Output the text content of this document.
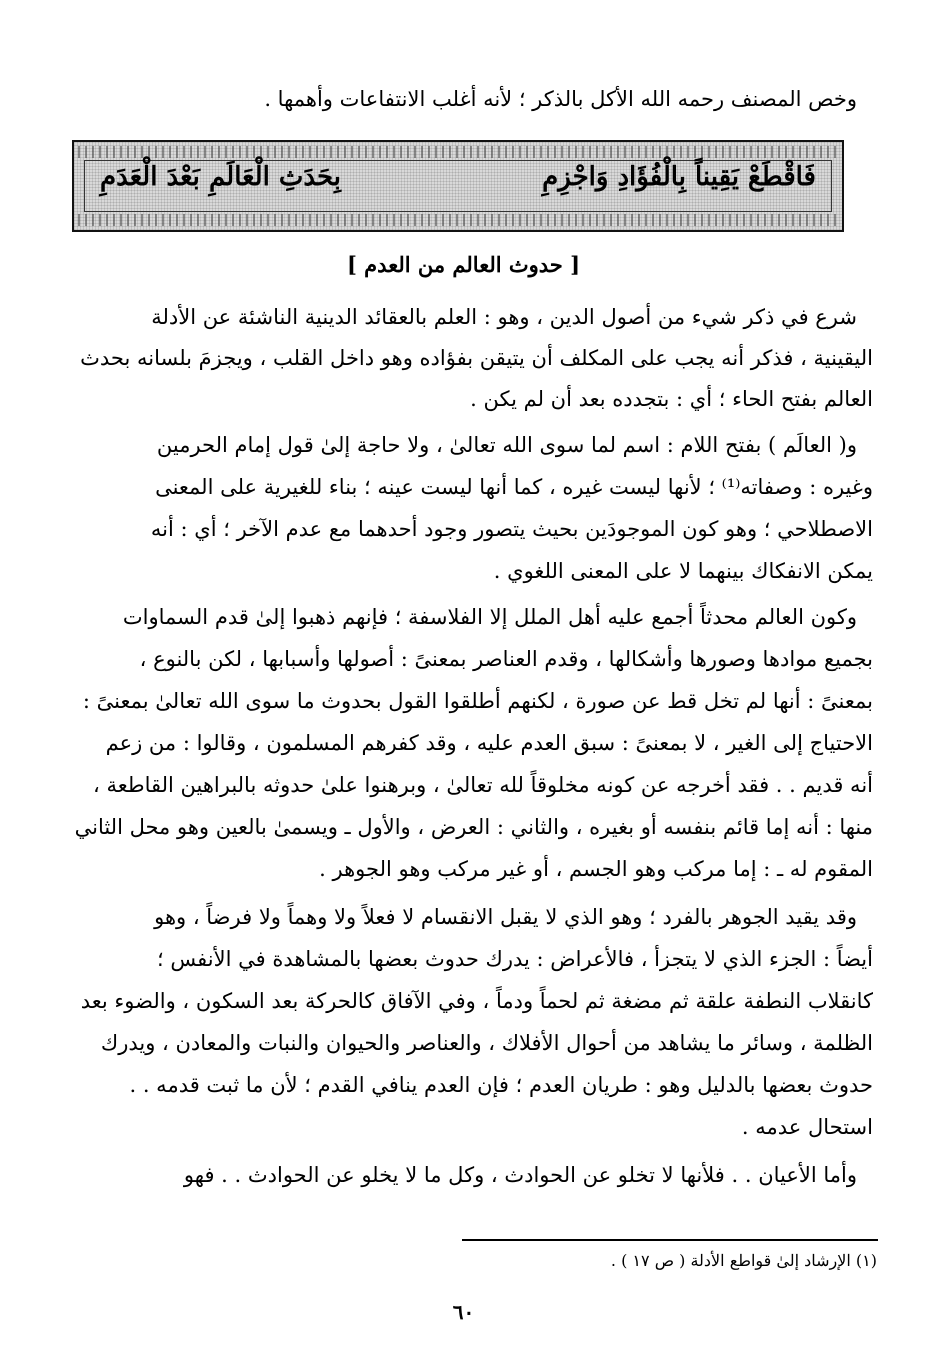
وخص المصنف رحمه الله الأكل بالذكر ؛ لأنه أغلب الانتفاعات وأهمها .
فَاقْطَعْ يَقِيناً بِالْفُؤَادِ وَاجْزِمِ
بِحَدَثِ الْعَالَمِ بَعْدَ الْعَدَمِ
[ حدوث العالم من العدم ]
شرع في ذكر شيء من أصول الدين ، وهو : العلم بالعقائد الدينية الناشئة عن الأدلة
اليقينية ، فذكر أنه يجب على المكلف أن يتيقن بفؤاده وهو داخل القلب ، ويجزمَ بلسانه بحدث
العالم بفتح الحاء ؛ أي : بتجدده بعد أن لم يكن .
و( العالَم ) بفتح اللام : اسم لما سوى الله تعالىٰ ، ولا حاجة إلىٰ قول إمام الحرمين
وغيره : وصفاته⁽¹⁾ ؛ لأنها ليست غيره ، كما أنها ليست عينه ؛ بناء للغيرية على المعنى
الاصطلاحي ؛ وهو كون الموجودَين بحيث يتصور وجود أحدهما مع عدم الآخر ؛ أي : أنه
يمكن الانفكاك بينهما لا على المعنى اللغوي .
وكون العالم محدثاً أجمع عليه أهل الملل إلا الفلاسفة ؛ فإنهم ذهبوا إلىٰ قدم السماوات
بجميع موادها وصورها وأشكالها ، وقدم العناصر بمعنىً : أصولها وأسبابها ، لكن بالنوع ،
بمعنىً : أنها لم تخل قط عن صورة ، لكنهم أطلقوا القول بحدوث ما سوى الله تعالىٰ بمعنىً :
الاحتياج إلى الغير ، لا بمعنىً : سبق العدم عليه ، وقد كفرهم المسلمون ، وقالوا : من زعم
أنه قديم . . فقد أخرجه عن كونه مخلوقاً لله تعالىٰ ، وبرهنوا علىٰ حدوثه بالبراهين القاطعة ،
منها : أنه إما قائم بنفسه أو بغيره ، والثاني : العرض ، والأول ـ ويسمىٰ بالعين وهو محل الثاني
المقوم له ـ : إما مركب وهو الجسم ، أو غير مركب وهو الجوهر .
وقد يقيد الجوهر بالفرد ؛ وهو الذي لا يقبل الانقسام لا فعلاً ولا وهماً ولا فرضاً ، وهو
أيضاً : الجزء الذي لا يتجزأ ، فالأعراض : يدرك حدوث بعضها بالمشاهدة في الأنفس ؛
كانقلاب النطفة علقة ثم مضغة ثم لحماً ودماً ، وفي الآفاق كالحركة بعد السكون ، والضوء بعد
الظلمة ، وسائر ما يشاهد من أحوال الأفلاك ، والعناصر والحيوان والنبات والمعادن ، ويدرك
حدوث بعضها بالدليل وهو : طريان العدم ؛ فإن العدم ينافي القدم ؛ لأن ما ثبت قدمه . .
استحال عدمه .
وأما الأعيان . . فلأنها لا تخلو عن الحوادث ، وكل ما لا يخلو عن الحوادث . . فهو
(١) الإرشاد إلىٰ قواطع الأدلة ( ص ١٧ ) .
٦٠
